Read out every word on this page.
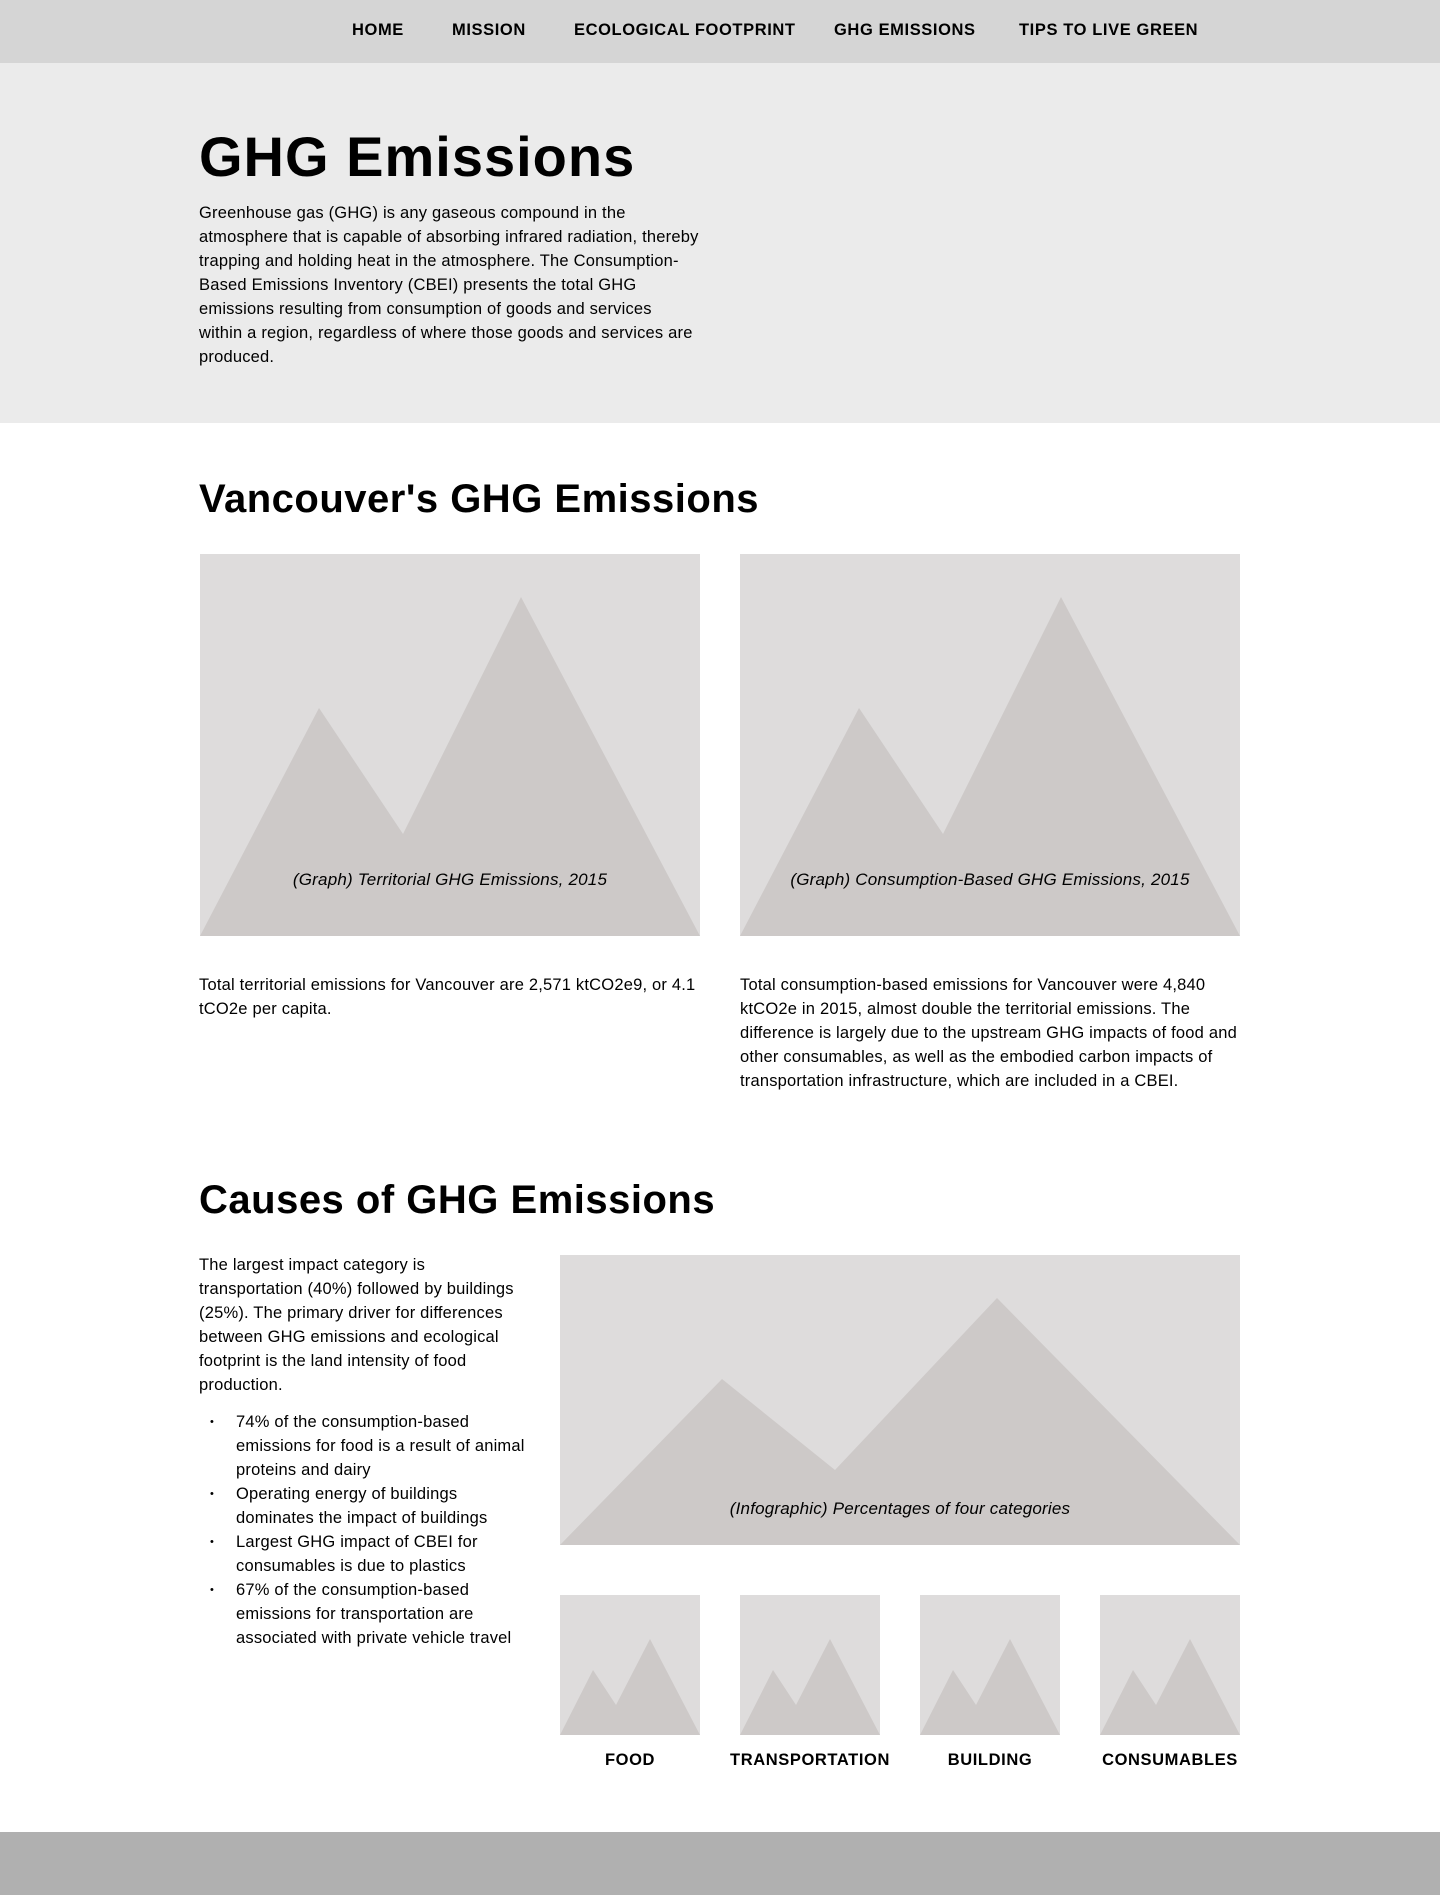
HOME	MISSION	ECOLOGICAL FOOTPRINT GHG EMISSIONS	TIPS TO LIVE GREEN
GHG Emissions

Greenhouse gas (GHG) is any gaseous compound in the atmosphere that is capable of absorbing infrared radiation, thereby trapping and holding heat in the atmosphere. The Consumption-Based Emissions Inventory (CBEI) presents the total GHG emissions resulting from consumption of goods and services within a region, regardless of where those goods and services are produced.

Vancouver's GHG Emissions
(Graph) Territorial GHG Emissions, 2015	(Graph) Consumption-Based GHG Emissions, 2015

Total territorial emissions for Vancouver are 2,571 ktCO2e9, or 4.1 tCO2e per capita.

Total consumption-based emissions for Vancouver were 4,840 ktCO2e in 2015, almost double the territorial emissions. The difference is largely due to the upstream GHG impacts of food and other consumables, as well as the embodied carbon impacts of transportation infrastructure, which are included in a CBEI.

Causes of GHG Emissions

The largest impact category is transportation (40%) followed by buildings (25%). The primary driver for differences between GHG emissions and ecological footprint is the land intensity of food production.

• 74% of the consumption-based emissions for food is a result of animal proteins and dairy
• Operating energy of buildings dominates the impact of buildings
• Largest GHG impact of CBEI for consumables is due to plastics
• 67% of the consumption-based emissions for transportation are associated with private vehicle travel
(Infographic) Percentages of four categories
FOOD	TRANSPORTATION	BUILDING	CONSUMABLES
